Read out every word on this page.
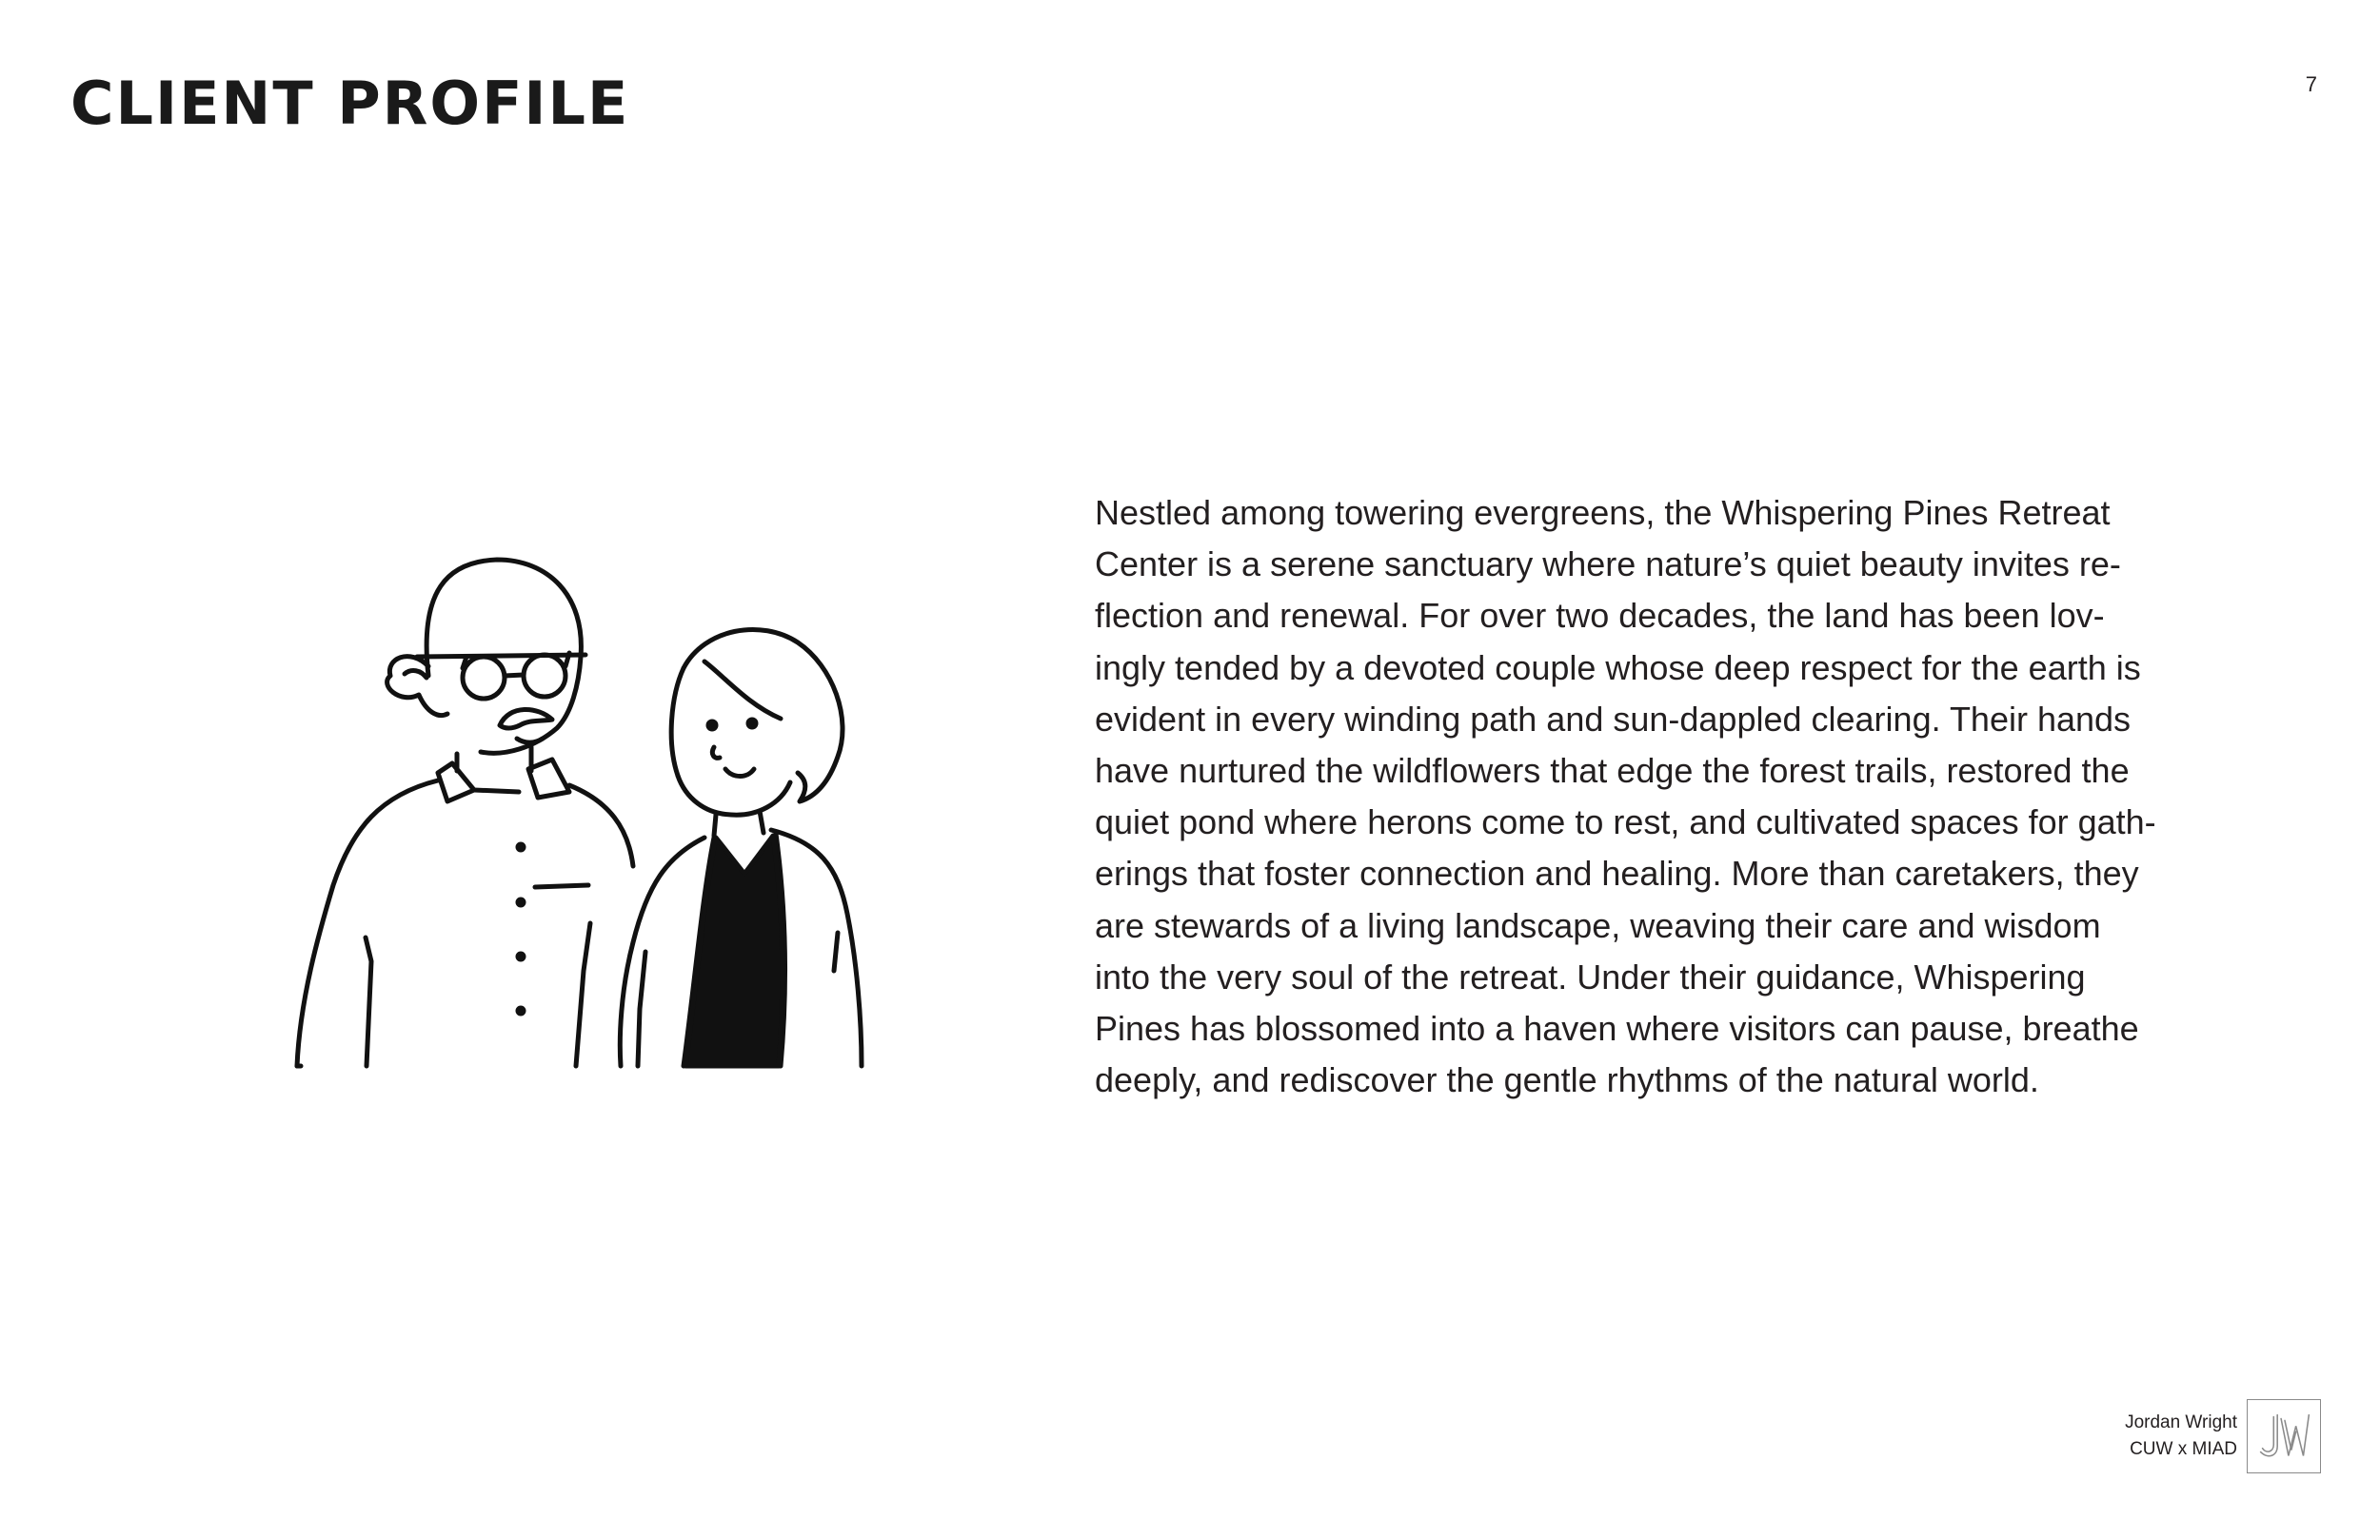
CLIENT PROFILE	7
Nestled among towering evergreens, the Whispering Pines Retreat
Center is a serene sanctuary where nature’s quiet beauty invites re-
flection and renewal. For over two decades, the land has been lov-
ingly tended by a devoted couple whose deep respect for the earth is
evident in every winding path and sun-dappled clearing. Their hands
have nurtured the wildflowers that edge the forest trails, restored the
quiet pond where herons come to rest, and cultivated spaces for gath-
erings that foster connection and healing. More than caretakers, they
are stewards of a living landscape, weaving their care and wisdom
into the very soul of the retreat. Under their guidance, Whispering
Pines has blossomed into a haven where visitors can pause, breathe
deeply, and rediscover the gentle rhythms of the natural world.
Jordan Wright
CUW x MIAD
